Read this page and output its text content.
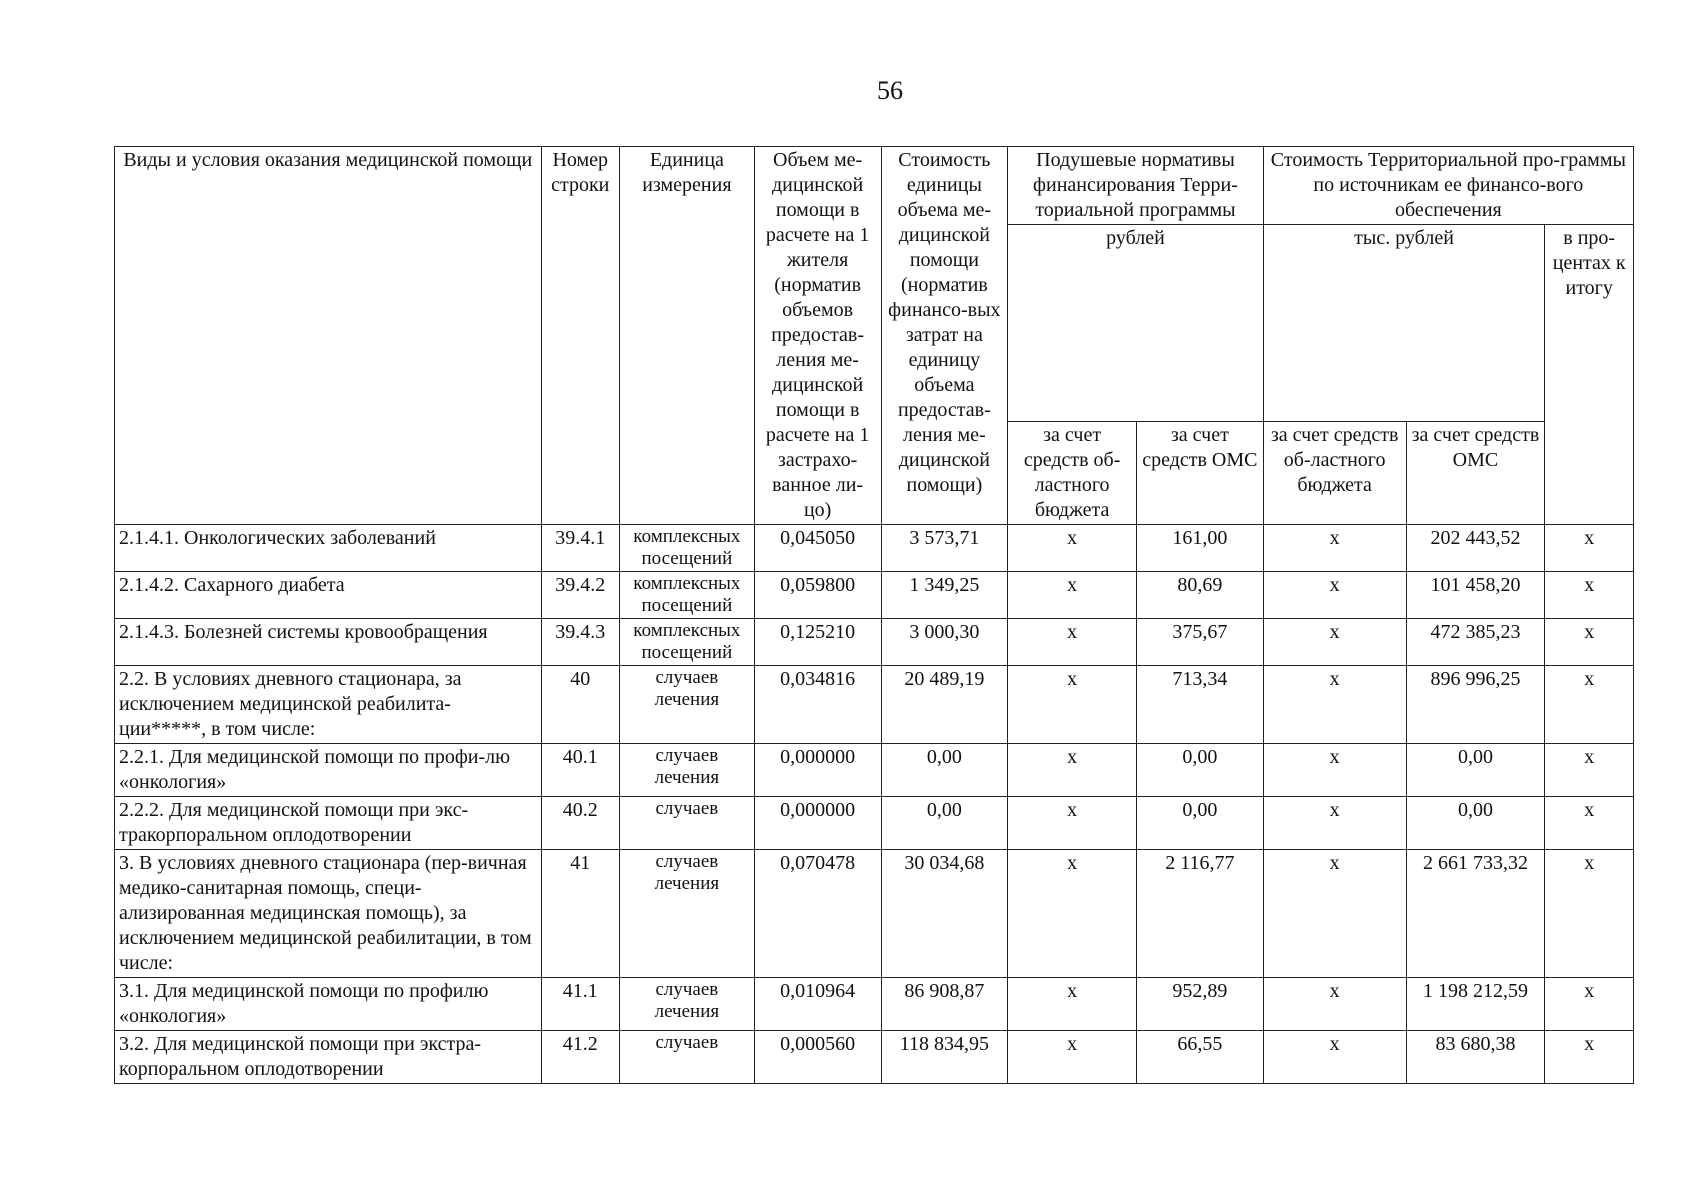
56
Виды и условия оказания медицинской помощи	Номер строки	Единица измерения	Объем ме-дицинской помощи в расчете на 1 жителя (норматив объемов предостав-ления ме-дицинской помощи в расчете на 1 застрахо-ванное ли-цо)	Стоимость единицы объема ме-дицинской помощи (норматив финансо-вых затрат на единицу объема предостав-ления ме-дицинской помощи)	Подушевые нормативы финансирования Терри-ториальной программы		Стоимость Территориальной про-граммы по источникам ее финансо-вого обеспечения		
					рублей		тыс. рублей		в про-центах к итогу
					за счет средств об-ластного бюджета	за счет средств ОМС	за счет средств об-ластного бюджета	за счет средств ОМС	
2.1.4.1. Онкологических заболеваний	39.4.1	комплексных посещений	0,045050	3 573,71	х	161,00	х	202 443,52	х
2.1.4.2. Сахарного диабета	39.4.2	комплексных посещений	0,059800	1 349,25	х	80,69	х	101 458,20	х
2.1.4.3. Болезней системы кровообращения	39.4.3	комплексных посещений	0,125210	3 000,30	х	375,67	х	472 385,23	х
2.2. В условиях дневного стационара, за исключением медицинской реабилита-ции*****, в том числе:	40	случаев лечения	0,034816	20 489,19	х	713,34	х	896 996,25	х
2.2.1. Для медицинской помощи по профи-лю «онкология»	40.1	случаев лечения	0,000000	0,00	х	0,00	х	0,00	х
2.2.2. Для медицинской помощи при экс-тракорпоральном оплодотворении	40.2	случаев	0,000000	0,00	х	0,00	х	0,00	х
3. В условиях дневного стационара (пер-вичная медико-санитарная помощь, специ-ализированная медицинская помощь), за исключением медицинской реабилитации, в том числе:	41	случаев лечения	0,070478	30 034,68	х	2 116,77	х	2 661 733,32	х
3.1. Для медицинской помощи по профилю «онкология»	41.1	случаев лечения	0,010964	86 908,87	х	952,89	х	1 198 212,59	х
3.2. Для медицинской помощи при экстра-корпоральном оплодотворении	41.2	случаев	0,000560	118 834,95	х	66,55	х	83 680,38	х
